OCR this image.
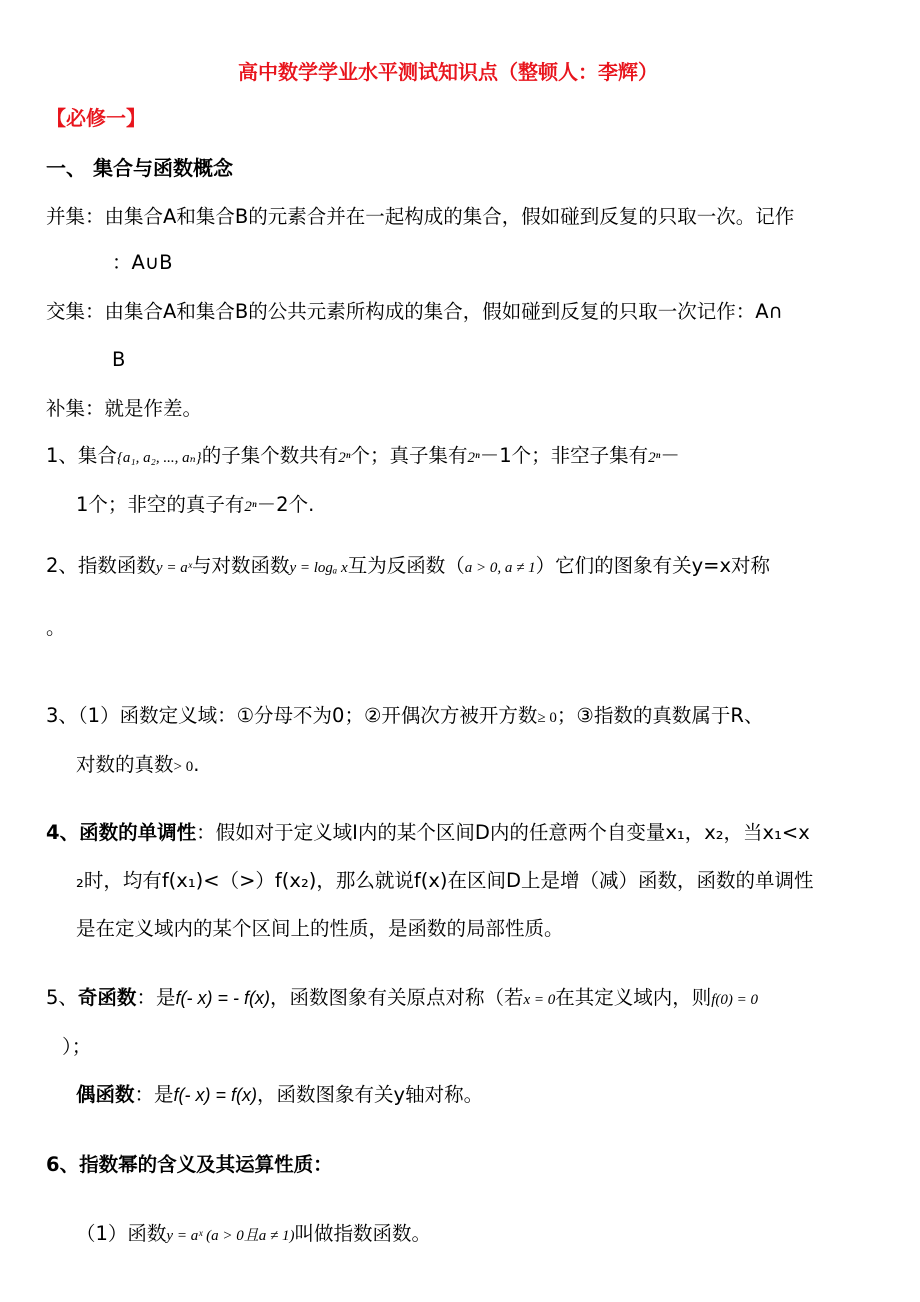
高中数学学业水平测试知识点（整顿人：李辉）
【必修一】
一、 集合与函数概念
并集：由集合A和集合B的元素合并在一起构成的集合，假如碰到反复的只取一次。记作
：A∪B
交集：由集合A和集合B的公共元素所构成的集合，假如碰到反复的只取一次记作：A∩
B
补集：就是作差。
1、集合{a₁, a₂, ..., aₙ}的子集个数共有2ⁿ个；真子集有2ⁿ－1个；非空子集有2ⁿ－
1个；非空的真子有2ⁿ－2个.
2、指数函数y = aˣ与对数函数y = logₐ x互为反函数（a > 0, a ≠ 1）它们的图象有关y=x对称
。
3、（1）函数定义域：①分母不为0；②开偶次方被开方数≥ 0；③指数的真数属于R、
对数的真数> 0.
4、函数的单调性：假如对于定义域I内的某个区间D内的任意两个自变量x₁，x₂，当x₁<x
₂时，均有f(x₁)<（>）f(x₂)，那么就说f(x)在区间D上是增（减）函数，函数的单调性
是在定义域内的某个区间上的性质，是函数的局部性质。
5、奇函数：是f(- x) = - f(x)，函数图象有关原点对称（若x = 0在其定义域内，则f(0) = 0
）；
偶函数：是f(- x) = f(x)，函数图象有关y轴对称。
6、指数幂的含义及其运算性质：
（1）函数y = aˣ (a > 0且a ≠ 1)叫做指数函数。
